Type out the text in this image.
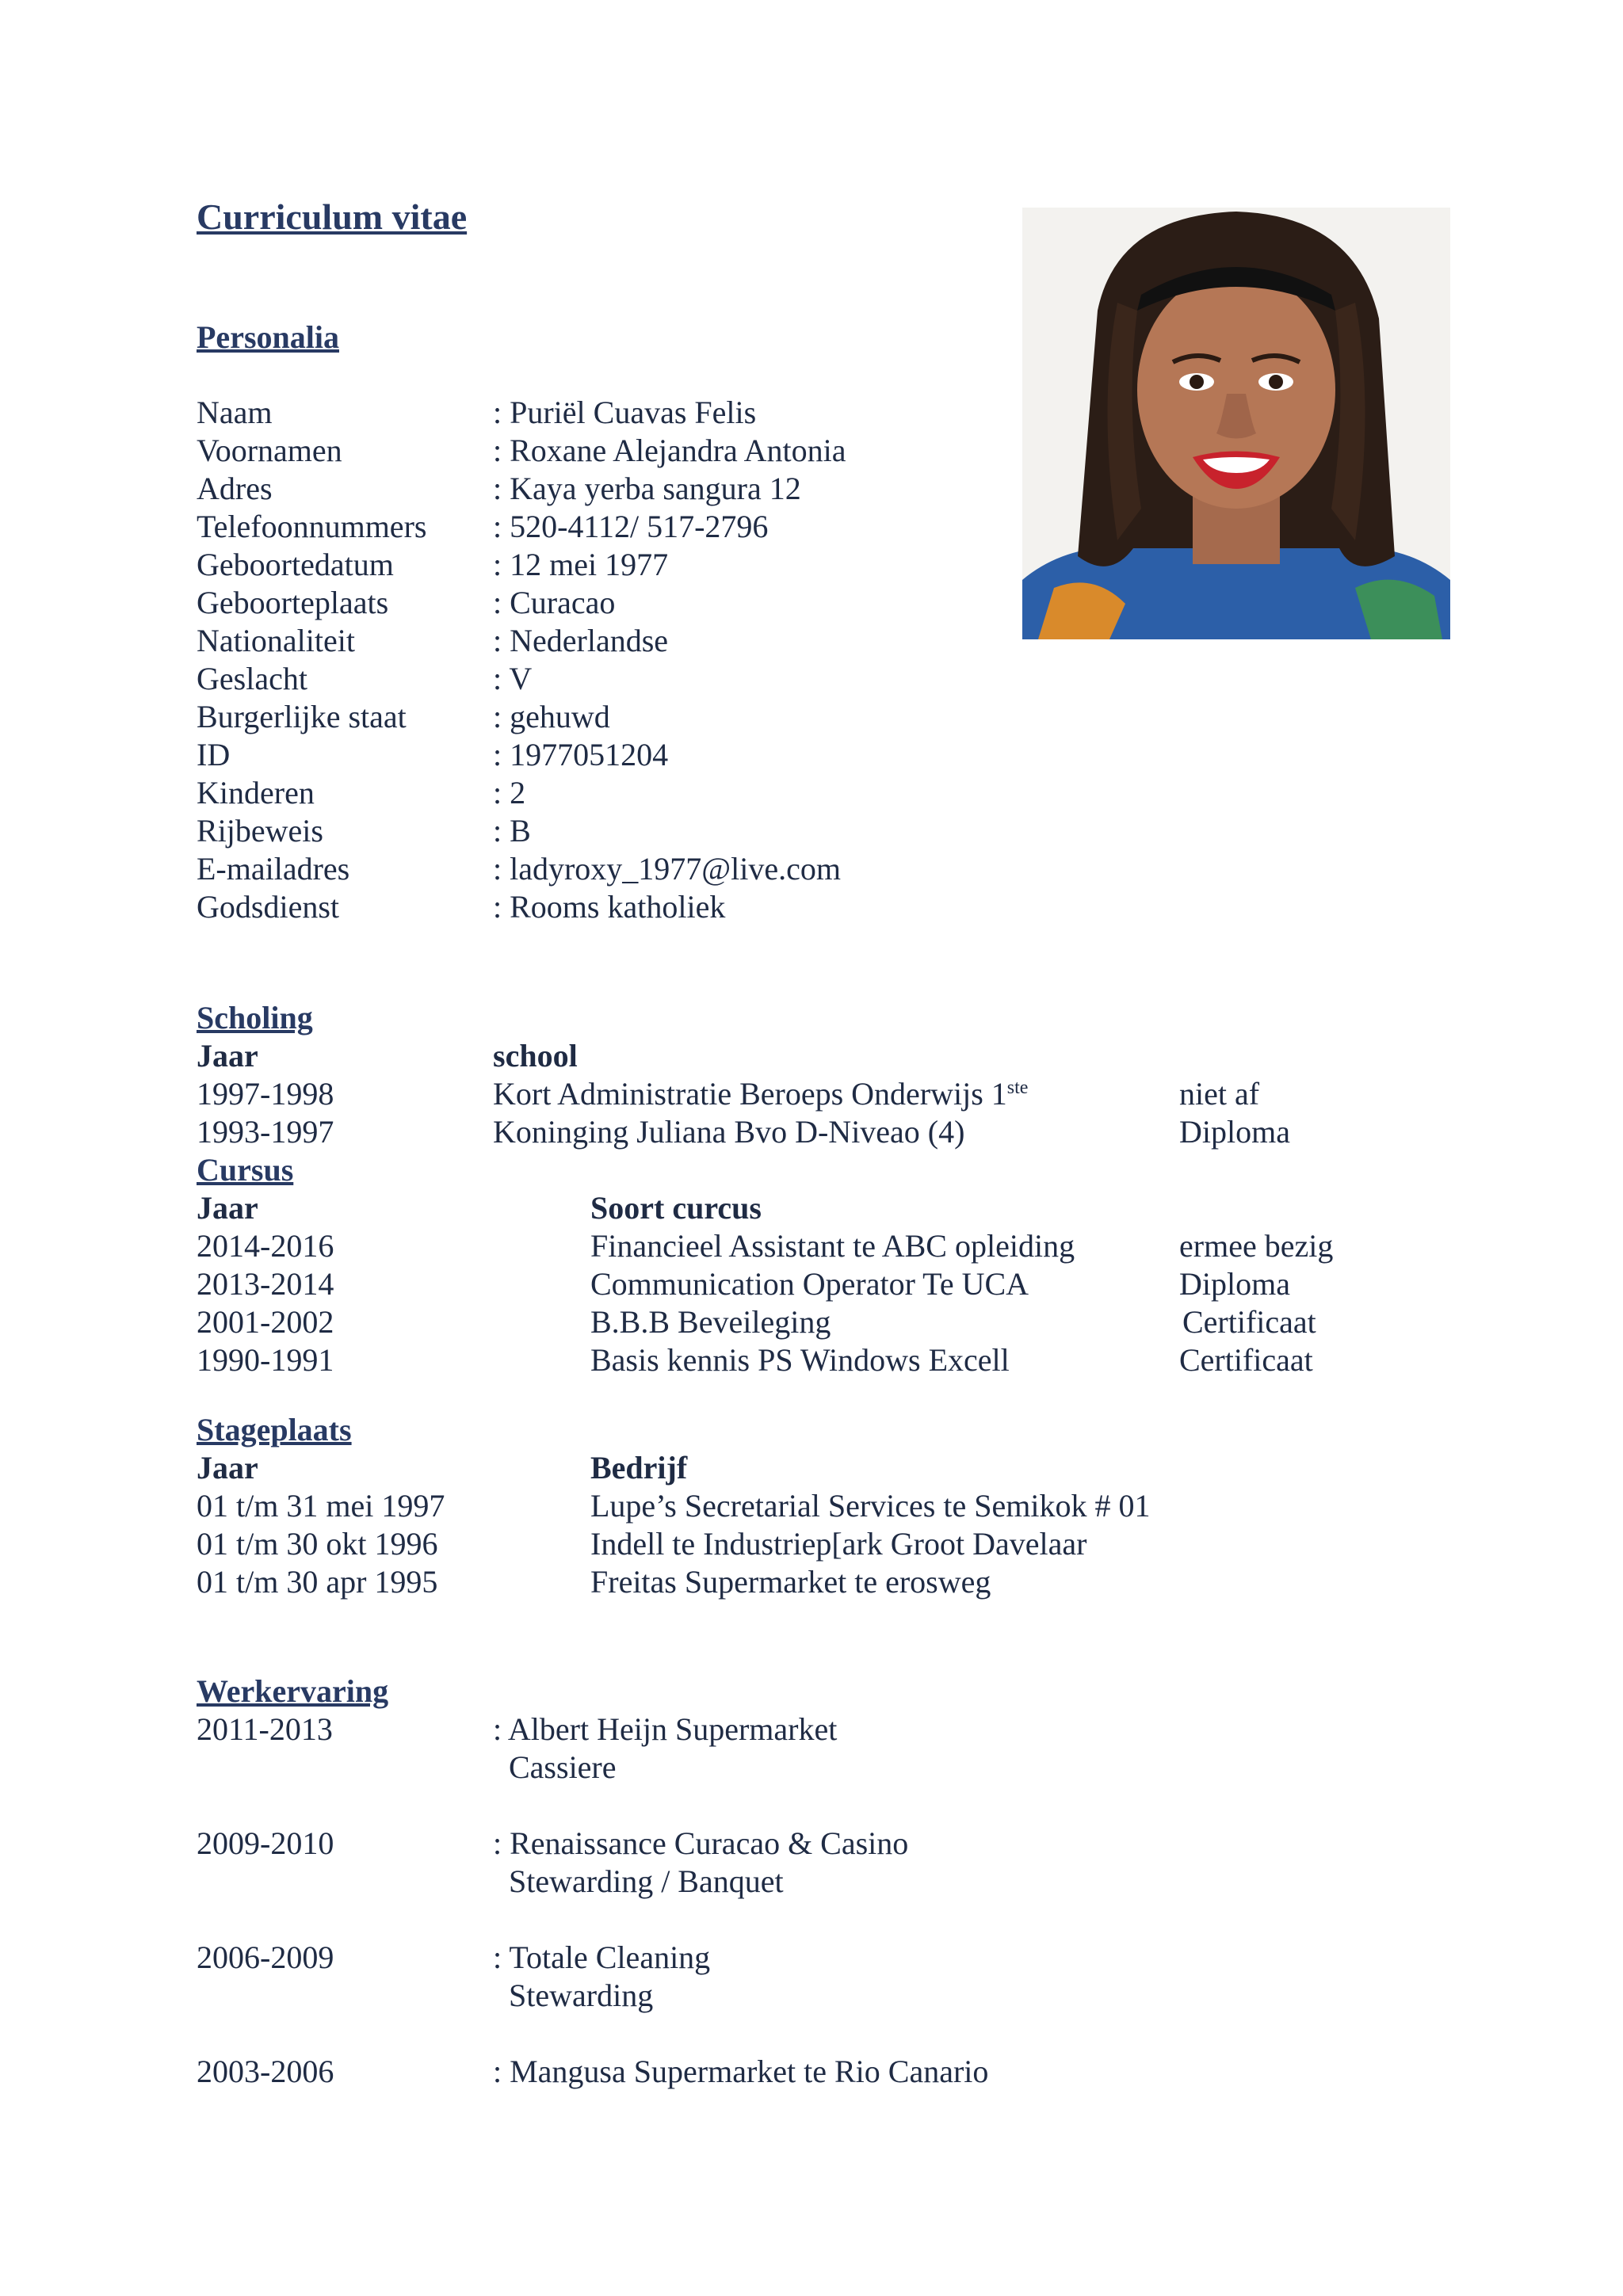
Curriculum vitae
Personalia
Naam	: Puriël Cuavas Felis
Voornamen	: Roxane Alejandra Antonia
Adres	: Kaya yerba sangura 12
Telefoonnummers : 520-4112/ 517-2796
Geboortedatum	: 12 mei 1977
Geboorteplaats	: Curacao
Nationaliteit	: Nederlandse
Geslacht	: V
Burgerlijke staat	: gehuwd
ID	: 1977051204
Kinderen	: 2
Rijbeweis	: B
E-mailadres	: ladyroxy_1977@live.com
Godsdienst	: Rooms katholiek
Scholing
Jaar	school
1997-1998	Kort Administratie Beroeps Onderwijs 1ste	niet af
1993-1997	Koninging Juliana Bvo D-Niveao (4)	Diploma
Cursus
Jaar	Soort curcus
2014-2016	Financieel Assistant te ABC opleiding	ermee bezig
2013-2014	Communication Operator Te UCA	Diploma
2001-2002	B.B.B Beveileging	Certificaat
1990-1991	Basis kennis PS Windows Excell	Certificaat
Stageplaats
Jaar	Bedrijf
01 t/m 31 mei 1997	Lupe’s Secretarial Services te Semikok # 01
01 t/m 30 okt 1996	Indell te Industriep[ark Groot Davelaar
01 t/m 30 apr 1995	Freitas Supermarket te erosweg
Werkervaring
2011-2013	: Albert Heijn Supermarket
Cassiere
2009-2010	: Renaissance Curacao & Casino
Stewarding / Banquet
2006-2009	: Totale Cleaning
Stewarding
2003-2006	: Mangusa Supermarket te Rio Canario
